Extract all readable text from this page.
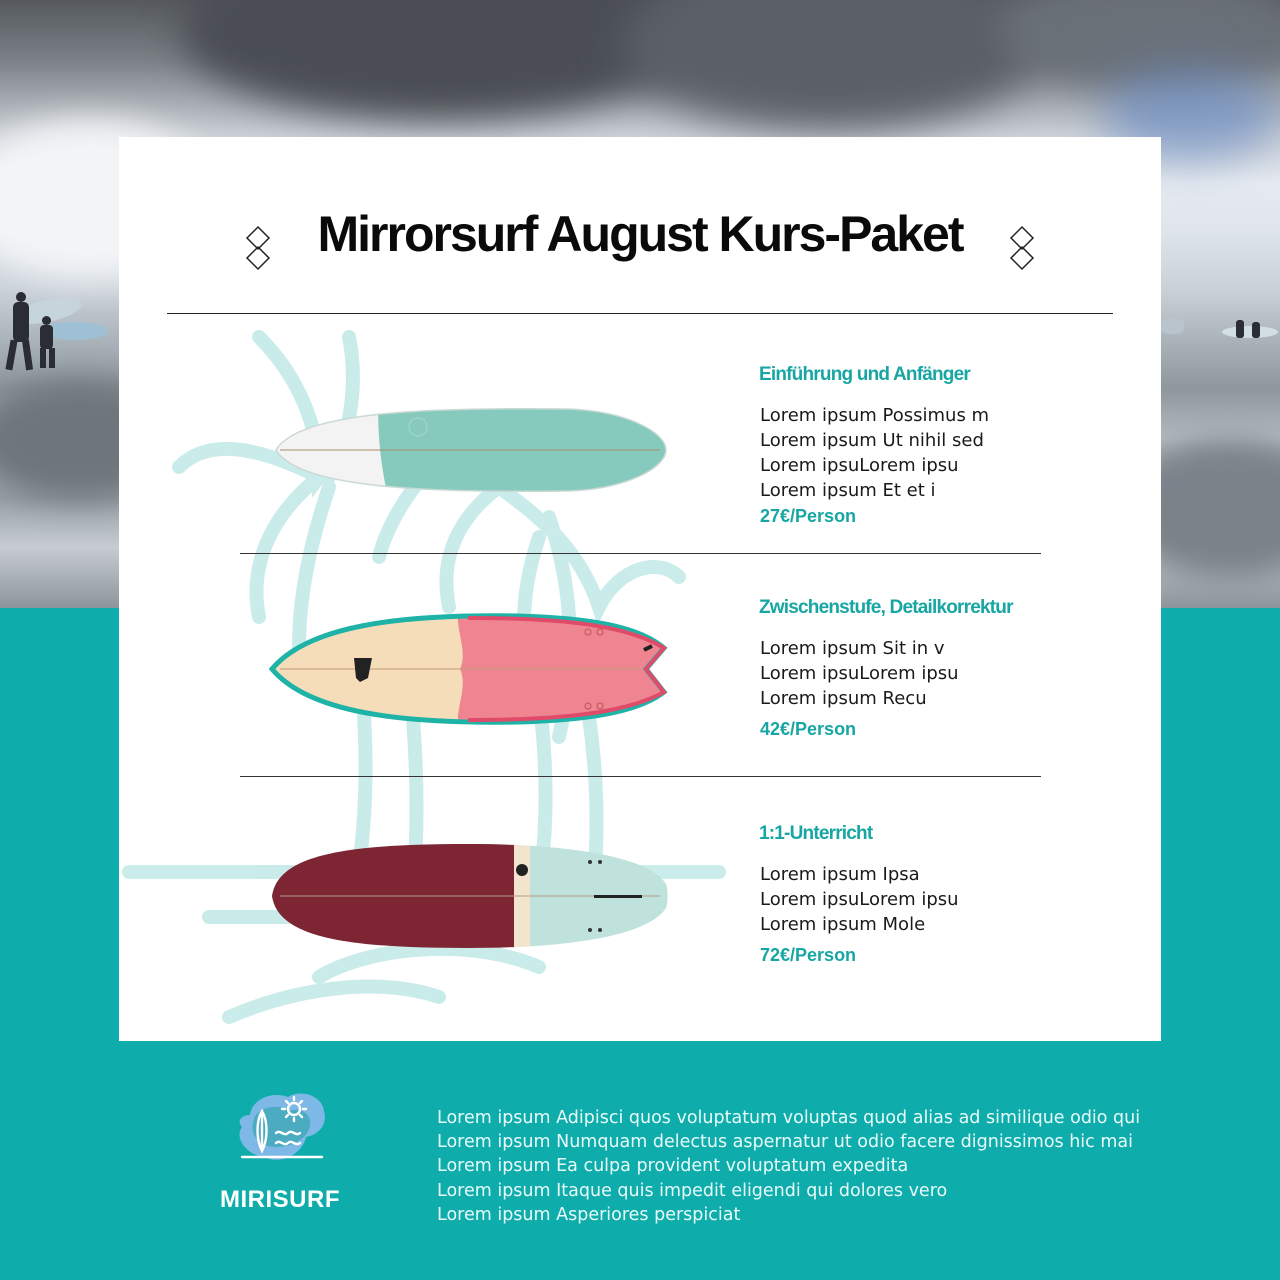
Mirrorsurf August Kurs-Paket
Einführung und Anfänger
Lorem ipsum Possimus m
Lorem ipsum Ut nihil sed
Lorem ipsuLorem ipsu
Lorem ipsum Et et i
27€/Person
Zwischenstufe, Detailkorrektur
Lorem ipsum Sit in v
Lorem ipsuLorem ipsu
Lorem ipsum Recu
42€/Person
1:1-Unterricht
Lorem ipsum Ipsa
Lorem ipsuLorem ipsu
Lorem ipsum Mole
72€/Person
MIRISURF
Lorem ipsum Adipisci quos voluptatum voluptas quod alias ad similique odio qui
Lorem ipsum Numquam delectus aspernatur ut odio facere dignissimos hic mai
Lorem ipsum Ea culpa provident voluptatum expedita
Lorem ipsum Itaque quis impedit eligendi qui dolores vero
Lorem ipsum Asperiores perspiciat
